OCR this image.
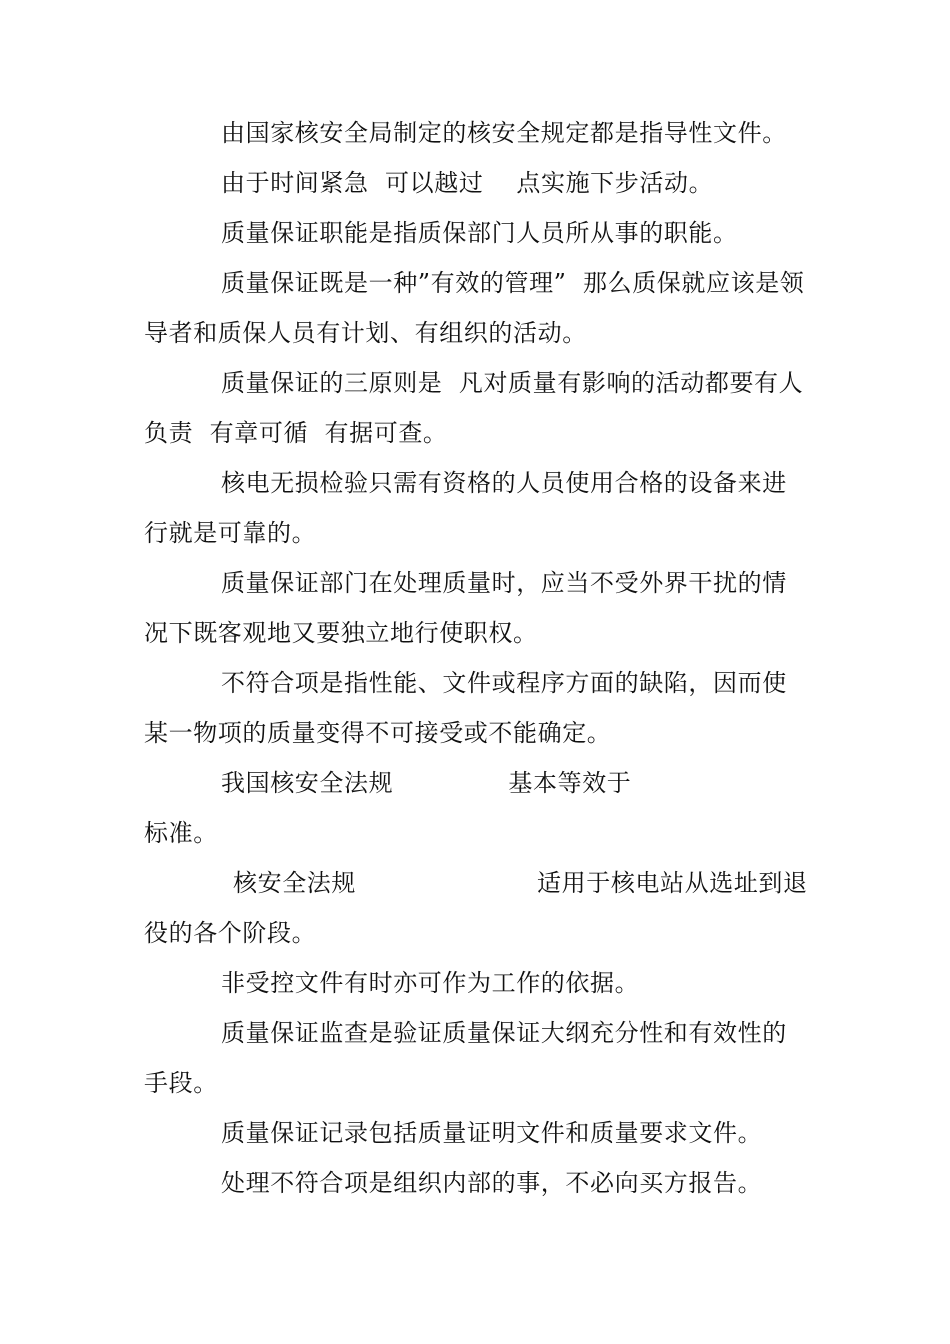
由国家核安全局制定的核安全规定都是指导性文件。

由于时间紧急  可以越过    点实施下步活动。

质量保证职能是指质保部门人员所从事的职能。

质量保证既是一种”有效的管理”  那么质保就应该是领导者和质保人员有计划、有组织的活动。

质量保证的三原则是  凡对质量有影响的活动都要有人负责  有章可循  有据可查。

核电无损检验只需有资格的人员使用合格的设备来进行就是可靠的。

质量保证部门在处理质量时，应当不受外界干扰的情况下既客观地又要独立地行使职权。

不符合项是指性能、文件或程序方面的缺陷，因而使某一物项的质量变得不可接受或不能确定。

我国核安全法规              基本等效于

标准。

核安全法规                      适用于核电站从选址到退役的各个阶段。

非受控文件有时亦可作为工作的依据。

质量保证监查是验证质量保证大纲充分性和有效性的手段。

质量保证记录包括质量证明文件和质量要求文件。

处理不符合项是组织内部的事，不必向买方报告。
